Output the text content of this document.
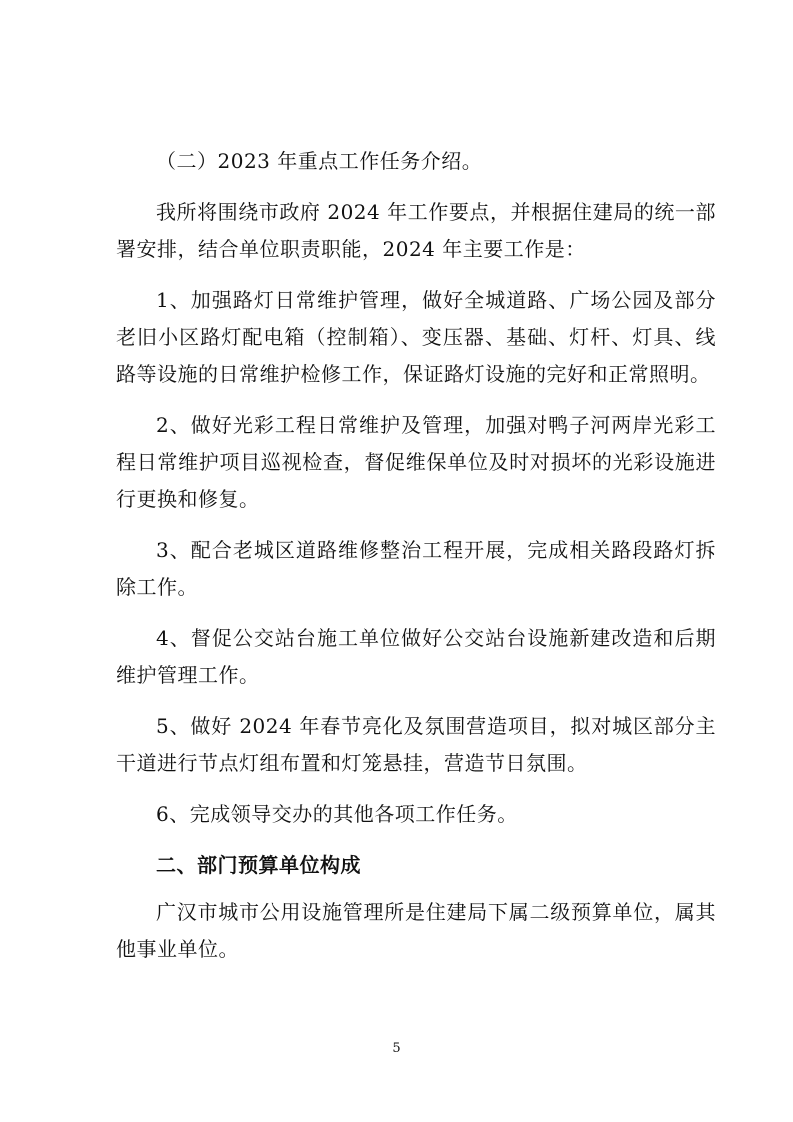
（二）2023 年重点工作任务介绍。

我所将围绕市政府 2024 年工作要点，并根据住建局的统一部署安排，结合单位职责职能，2024 年主要工作是：

1、加强路灯日常维护管理，做好全城道路、广场公园及部分老旧小区路灯配电箱（控制箱）、变压器、基础、灯杆、灯具、线路等设施的日常维护检修工作，保证路灯设施的完好和正常照明。

2、做好光彩工程日常维护及管理，加强对鸭子河两岸光彩工程日常维护项目巡视检查，督促维保单位及时对损坏的光彩设施进行更换和修复。

3、配合老城区道路维修整治工程开展，完成相关路段路灯拆除工作。

4、督促公交站台施工单位做好公交站台设施新建改造和后期维护管理工作。

5、做好 2024 年春节亮化及氛围营造项目，拟对城区部分主干道进行节点灯组布置和灯笼悬挂，营造节日氛围。

6、完成领导交办的其他各项工作任务。

二、部门预算单位构成

广汉市城市公用设施管理所是住建局下属二级预算单位，属其他事业单位。

5
